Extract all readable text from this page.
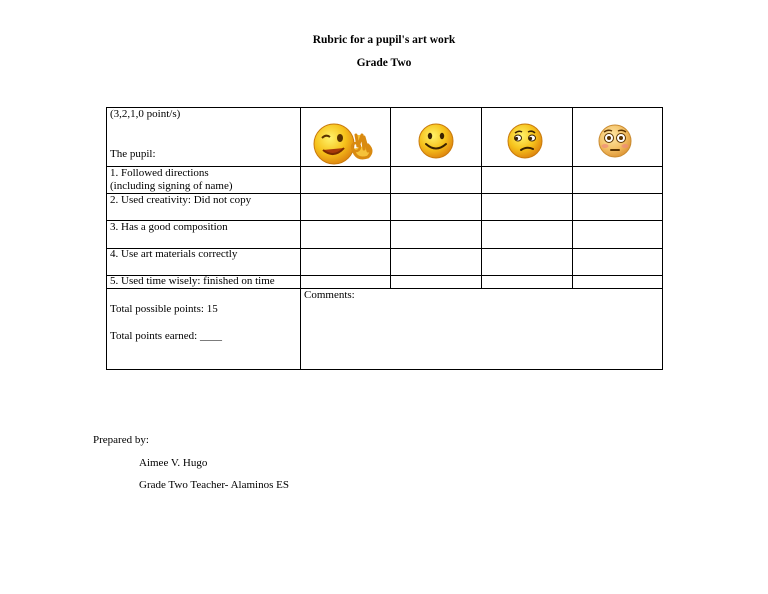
Rubric for a pupil's art work
Grade Two
(3,2,1,0 point/s)
The pupil:
1. Followed directions
(including signing of name)
2. Used creativity: Did not copy
3. Has a good composition
4. Use art materials correctly
5. Used time wisely: finished on time
Total possible points: 15
Total points earned: ____
Comments:
Prepared by:
Aimee V. Hugo
Grade Two Teacher- Alaminos ES
